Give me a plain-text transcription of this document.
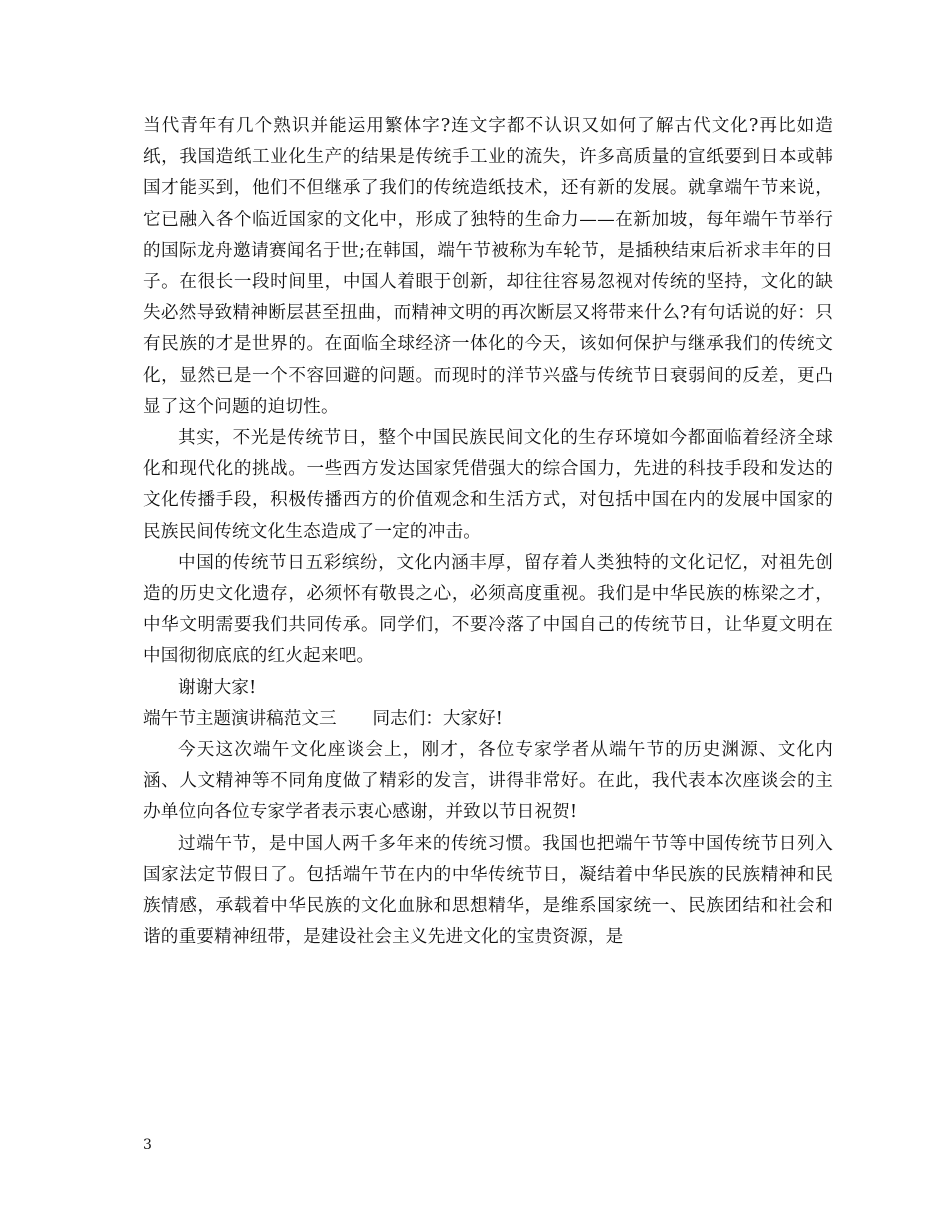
当代青年有几个熟识并能运用繁体字?连文字都不认识又如何了解古代文化?再比如造纸，我国造纸工业化生产的结果是传统手工业的流失，许多高质量的宣纸要到日本或韩国才能买到，他们不但继承了我们的传统造纸技术，还有新的发展。就拿端午节来说，它已融入各个临近国家的文化中，形成了独特的生命力——在新加坡，每年端午节举行的国际龙舟邀请赛闻名于世;在韩国，端午节被称为车轮节，是插秧结束后祈求丰年的日子。在很长一段时间里，中国人着眼于创新，却往往容易忽视对传统的坚持，文化的缺失必然导致精神断层甚至扭曲，而精神文明的再次断层又将带来什么?有句话说的好：只有民族的才是世界的。在面临全球经济一体化的今天，该如何保护与继承我们的传统文化，显然已是一个不容回避的问题。而现时的洋节兴盛与传统节日衰弱间的反差，更凸显了这个问题的迫切性。

其实，不光是传统节日，整个中国民族民间文化的生存环境如今都面临着经济全球化和现代化的挑战。一些西方发达国家凭借强大的综合国力，先进的科技手段和发达的文化传播手段，积极传播西方的价值观念和生活方式，对包括中国在内的发展中国家的民族民间传统文化生态造成了一定的冲击。

中国的传统节日五彩缤纷，文化内涵丰厚，留存着人类独特的文化记忆，对祖先创造的历史文化遗存，必须怀有敬畏之心，必须高度重视。我们是中华民族的栋梁之才，中华文明需要我们共同传承。同学们，不要冷落了中国自己的传统节日，让华夏文明在中国彻彻底底的红火起来吧。

谢谢大家!

端午节主题演讲稿范文三 同志们：大家好!

今天这次端午文化座谈会上，刚才，各位专家学者从端午节的历史渊源、文化内涵、人文精神等不同角度做了精彩的发言，讲得非常好。在此，我代表本次座谈会的主办单位向各位专家学者表示衷心感谢，并致以节日祝贺!

过端午节，是中国人两千多年来的传统习惯。我国也把端午节等中国传统节日列入国家法定节假日了。包括端午节在内的中华传统节日，凝结着中华民族的民族精神和民族情感，承载着中华民族的文化血脉和思想精华，是维系国家统一、民族团结和社会和谐的重要精神纽带，是建设社会主义先进文化的宝贵资源，是

3
